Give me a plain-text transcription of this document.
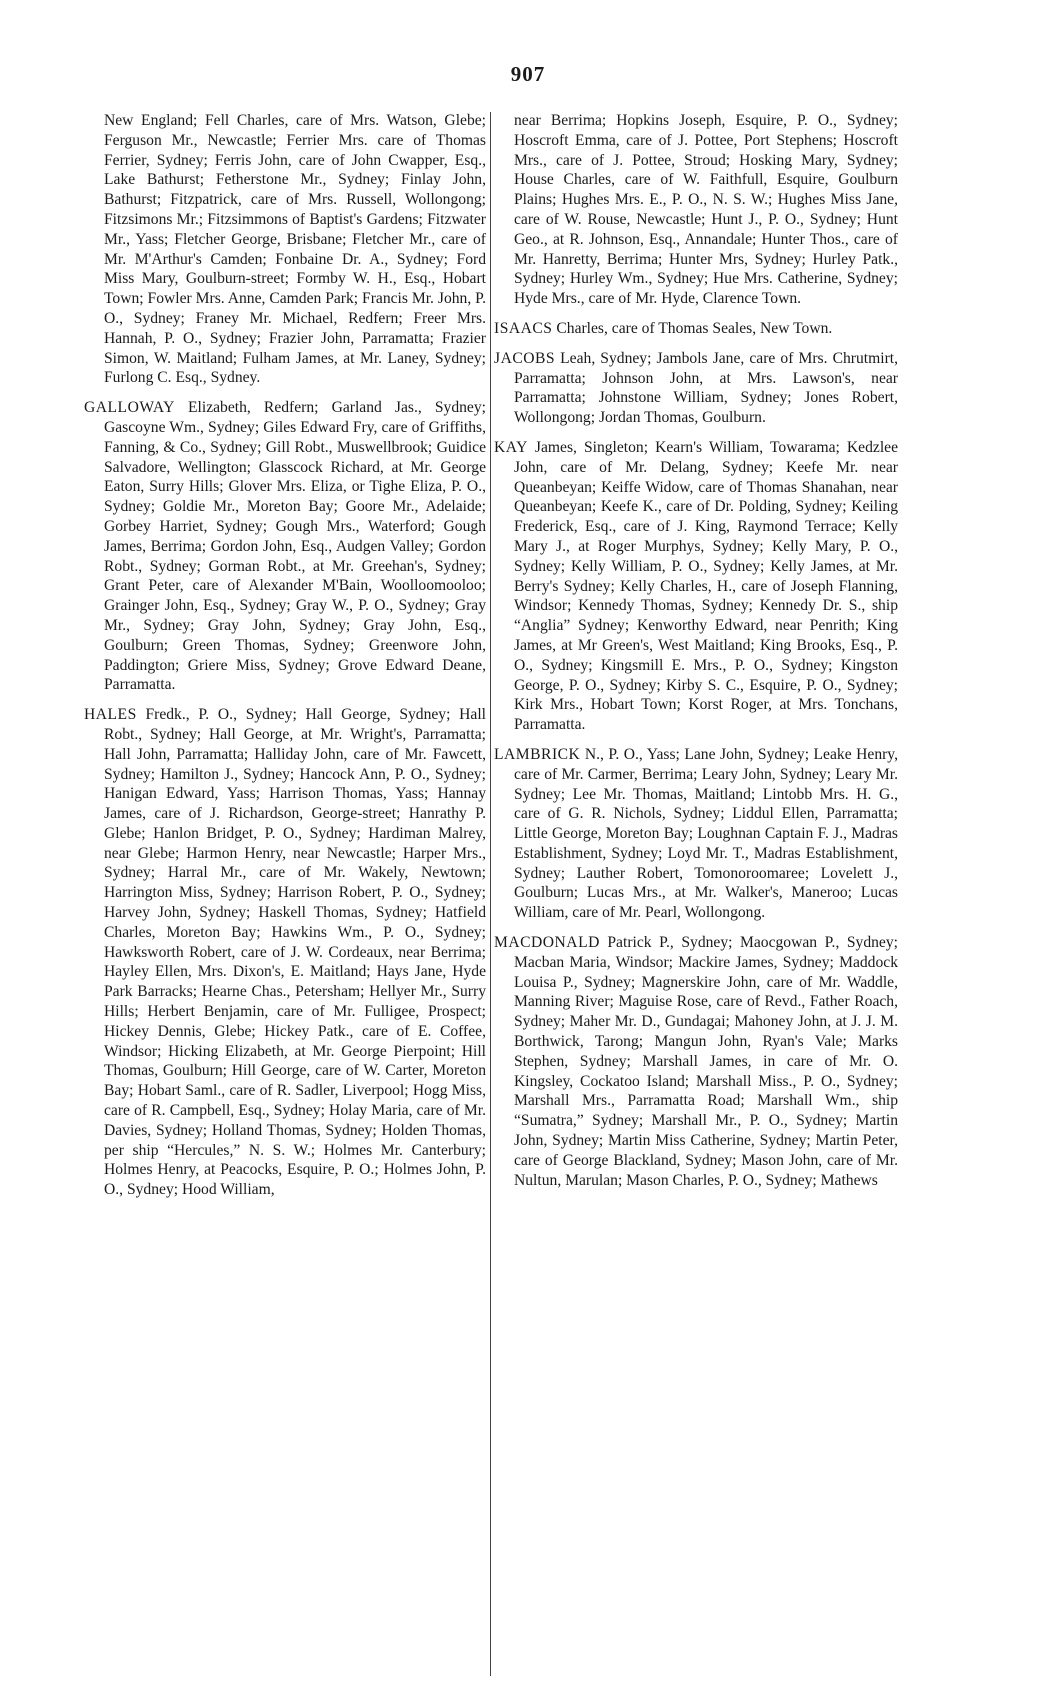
907

New England; Fell Charles, care of Mrs. Watson, Glebe; Ferguson Mr., Newcastle; Ferrier Mrs. care of Thomas Ferrier, Sydney; Ferris John, care of John Cwapper, Esq., Lake Bathurst; Fetherstone Mr., Sydney; Finlay John, Bathurst; Fitzpatrick, care of Mrs. Russell, Wollongong; Fitzsimons Mr.; Fitzsimmons of Baptist's Gardens; Fitzwater Mr., Yass; Fletcher George, Brisbane; Fletcher Mr., care of Mr. M'Arthur's Camden; Fonbaine Dr. A., Sydney; Ford Miss Mary, Goulburn-street; Formby W. H., Esq., Hobart Town; Fowler Mrs. Anne, Camden Park; Francis Mr. John, P. O., Sydney; Franey Mr. Michael, Redfern; Freer Mrs. Hannah, P. O., Sydney; Frazier John, Parramatta; Frazier Simon, W. Maitland; Fulham James, at Mr. Laney, Sydney; Furlong C. Esq., Sydney.

GALLOWAY Elizabeth, Redfern; Garland Jas., Sydney; Gascoyne Wm., Sydney; Giles Edward Fry, care of Griffiths, Fanning, & Co., Sydney; Gill Robt., Muswellbrook; Guidice Salvadore, Wellington; Glasscock Richard, at Mr. George Eaton, Surry Hills; Glover Mrs. Eliza, or Tighe Eliza, P. O., Sydney; Goldie Mr., Moreton Bay; Goore Mr., Adelaide; Gorbey Harriet, Sydney; Gough Mrs., Waterford; Gough James, Berrima; Gordon John, Esq., Audgen Valley; Gordon Robt., Sydney; Gorman Robt., at Mr. Greehan's, Sydney; Grant Peter, care of Alexander M'Bain, Woolloomooloo; Grainger John, Esq., Sydney; Gray W., P. O., Sydney; Gray Mr., Sydney; Gray John, Sydney; Gray John, Esq., Goulburn; Green Thomas, Sydney; Greenwore John, Paddington; Griere Miss, Sydney; Grove Edward Deane, Parramatta.

HALES Fredk., P. O., Sydney; Hall George, Sydney; Hall Robt., Sydney; Hall George, at Mr. Wright's, Parramatta; Hall John, Parramatta; Halliday John, care of Mr. Fawcett, Sydney; Hamilton J., Sydney; Hancock Ann, P. O., Sydney; Hanigan Edward, Yass; Harrison Thomas, Yass; Hannay James, care of J. Richardson, George-street; Hanrathy P. Glebe; Hanlon Bridget, P. O., Sydney; Hardiman Malrey, near Glebe; Harmon Henry, near Newcastle; Harper Mrs., Sydney; Harral Mr., care of Mr. Wakely, Newtown; Harrington Miss, Sydney; Harrison Robert, P. O., Sydney; Harvey John, Sydney; Haskell Thomas, Sydney; Hatfield Charles, Moreton Bay; Hawkins Wm., P. O., Sydney; Hawksworth Robert, care of J. W. Cordeaux, near Berrima; Hayley Ellen, Mrs. Dixon's, E. Maitland; Hays Jane, Hyde Park Barracks; Hearne Chas., Petersham; Hellyer Mr., Surry Hills; Herbert Benjamin, care of Mr. Fulligee, Prospect; Hickey Dennis, Glebe; Hickey Patk., care of E. Coffee, Windsor; Hicking Elizabeth, at Mr. George Pierpoint; Hill Thomas, Goulburn; Hill George, care of W. Carter, Moreton Bay; Hobart Saml., care of R. Sadler, Liverpool; Hogg Miss, care of R. Campbell, Esq., Sydney; Holay Maria, care of Mr. Davies, Sydney; Holland Thomas, Sydney; Holden Thomas, per ship “Hercules,” N. S. W.; Holmes Mr. Canterbury; Holmes Henry, at Peacocks, Esquire, P. O.; Holmes John, P. O., Sydney; Hood William,

near Berrima; Hopkins Joseph, Esquire, P. O., Sydney; Hoscroft Emma, care of J. Pottee, Port Stephens; Hoscroft Mrs., care of J. Pottee, Stroud; Hosking Mary, Sydney; House Charles, care of W. Faithfull, Esquire, Goulburn Plains; Hughes Mrs. E., P. O., N. S. W.; Hughes Miss Jane, care of W. Rouse, Newcastle; Hunt J., P. O., Sydney; Hunt Geo., at R. Johnson, Esq., Annandale; Hunter Thos., care of Mr. Hanretty, Berrima; Hunter Mrs, Sydney; Hurley Patk., Sydney; Hurley Wm., Sydney; Hue Mrs. Catherine, Sydney; Hyde Mrs., care of Mr. Hyde, Clarence Town.

ISAACS Charles, care of Thomas Seales, New Town.

JACOBS Leah, Sydney; Jambols Jane, care of Mrs. Chrutmirt, Parramatta; Johnson John, at Mrs. Lawson's, near Parramatta; Johnstone William, Sydney; Jones Robert, Wollongong; Jordan Thomas, Goulburn.

KAY James, Singleton; Kearn's William, Towarama; Kedzlee John, care of Mr. Delang, Sydney; Keefe Mr. near Queanbeyan; Keiffe Widow, care of Thomas Shanahan, near Queanbeyan; Keefe K., care of Dr. Polding, Sydney; Keiling Frederick, Esq., care of J. King, Raymond Terrace; Kelly Mary J., at Roger Murphys, Sydney; Kelly Mary, P. O., Sydney; Kelly William, P. O., Sydney; Kelly James, at Mr. Berry's Sydney; Kelly Charles, H., care of Joseph Flanning, Windsor; Kennedy Thomas, Sydney; Kennedy Dr. S., ship “Anglia” Sydney; Kenworthy Edward, near Penrith; King James, at Mr Green's, West Maitland; King Brooks, Esq., P. O., Sydney; Kingsmill E. Mrs., P. O., Sydney; Kingston George, P. O., Sydney; Kirby S. C., Esquire, P. O., Sydney; Kirk Mrs., Hobart Town; Korst Roger, at Mrs. Tonchans, Parramatta.

LAMBRICK N., P. O., Yass; Lane John, Sydney; Leake Henry, care of Mr. Carmer, Berrima; Leary John, Sydney; Leary Mr. Sydney; Lee Mr. Thomas, Maitland; Lintobb Mrs. H. G., care of G. R. Nichols, Sydney; Liddul Ellen, Parramatta; Little George, Moreton Bay; Loughnan Captain F. J., Madras Establishment, Sydney; Loyd Mr. T., Madras Establishment, Sydney; Lauther Robert, Tomonoroomaree; Lovelett J., Goulburn; Lucas Mrs., at Mr. Walker's, Maneroo; Lucas William, care of Mr. Pearl, Wollongong.

MACDONALD Patrick P., Sydney; Maocgowan P., Sydney; Macban Maria, Windsor; Mackire James, Sydney; Maddock Louisa P., Sydney; Magnerskire John, care of Mr. Waddle, Manning River; Maguise Rose, care of Revd., Father Roach, Sydney; Maher Mr. D., Gundagai; Mahoney John, at J. J. M. Borthwick, Tarong; Mangun John, Ryan's Vale; Marks Stephen, Sydney; Marshall James, in care of Mr. O. Kingsley, Cockatoo Island; Marshall Miss., P. O., Sydney; Marshall Mrs., Parramatta Road; Marshall Wm., ship “Sumatra,” Sydney; Marshall Mr., P. O., Sydney; Martin John, Sydney; Martin Miss Catherine, Sydney; Martin Peter, care of George Blackland, Sydney; Mason John, care of Mr. Nultun, Marulan; Mason Charles, P. O., Sydney; Mathews
